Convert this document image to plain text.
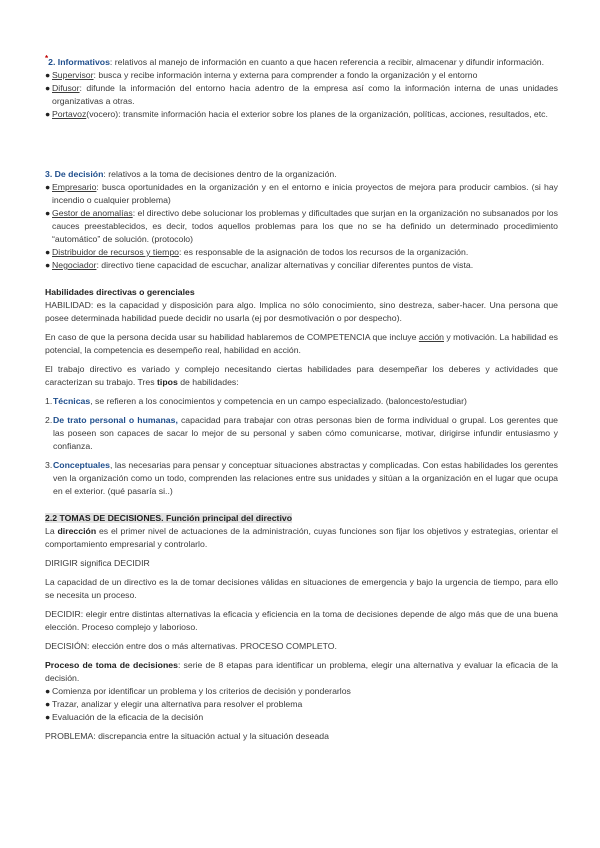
*2. Informativos: relativos al manejo de información en cuanto a que hacen referencia a recibir, almacenar y difundir información.

● Supervisor: busca y recibe información interna y externa para comprender a fondo la organización y el entorno
● Difusor: difunde la información del entorno hacia adentro de la empresa así como la información interna de unas unidades organizativas a otras.
● Portavoz(vocero): transmite información hacia el exterior sobre los planes de la organización, políticas, acciones, resultados, etc.

3. De decisión: relativos a la toma de decisiones dentro de la organización.

● Empresario: busca oportunidades en la organización y en el entorno e inicia proyectos de mejora para producir cambios. (si hay incendio o cualquier problema)
● Gestor de anomalías: el directivo debe solucionar los problemas y dificultades que surjan en la organización no subsanados por los cauces preestablecidos, es decir, todos aquellos problemas para los que no se ha definido un determinado procedimiento “automático” de solución. (protocolo)
● Distribuidor de recursos y tiempo: es responsable de la asignación de todos los recursos de la organización.
● Negociador: directivo tiene capacidad de escuchar, analizar alternativas y conciliar diferentes puntos de vista.

Habilidades directivas o gerenciales

HABILIDAD: es la capacidad y disposición para algo. Implica no sólo conocimiento, sino destreza, saber-hacer. Una persona que posee determinada habilidad puede decidir no usarla (ej por desmotivación o por despecho).

En caso de que la persona decida usar su habilidad hablaremos de COMPETENCIA que incluye acción y motivación. La habilidad es potencial, la competencia es desempeño real, habilidad en acción.

El trabajo directivo es variado y complejo necesitando ciertas habilidades para desempeñar los deberes y actividades que caracterizan su trabajo. Tres tipos de habilidades:

1. Técnicas, se refieren a los conocimientos y competencia en un campo especializado. (baloncesto/estudiar)
2. De trato personal o humanas, capacidad para trabajar con otras personas bien de forma individual o grupal. Los gerentes que las poseen son capaces de sacar lo mejor de su personal y saben cómo comunicarse, motivar, dirigirse infundir entusiasmo y confianza.
3. Conceptuales, las necesarias para pensar y conceptuar situaciones abstractas y complicadas. Con estas habilidades los gerentes ven la organización como un todo, comprenden las relaciones entre sus unidades y sitúan a la organización en el lugar que ocupa en el exterior. (qué pasaría si..)

2.2 TOMAS DE DECISIONES. Función principal del directivo

La dirección es el primer nivel de actuaciones de la administración, cuyas funciones son fijar los objetivos y estrategias, orientar el comportamiento empresarial y controlarlo.

DIRIGIR significa DECIDIR

La capacidad de un directivo es la de tomar decisiones válidas en situaciones de emergencia y bajo la urgencia de tiempo, para ello se necesita un proceso.

DECIDIR: elegir entre distintas alternativas la eficacia y eficiencia en la toma de decisiones depende de algo más que de una buena elección. Proceso complejo y laborioso.

DECISIÓN: elección entre dos o más alternativas. PROCESO COMPLETO.

Proceso de toma de decisiones: serie de 8 etapas para identificar un problema, elegir una alternativa y evaluar la eficacia de la decisión.

● Comienza por identificar un problema y los criterios de decisión y ponderarlos
● Trazar, analizar y elegir una alternativa para resolver el problema
● Evaluación de la eficacia de la decisión

PROBLEMA: discrepancia entre la situación actual y la situación deseada
